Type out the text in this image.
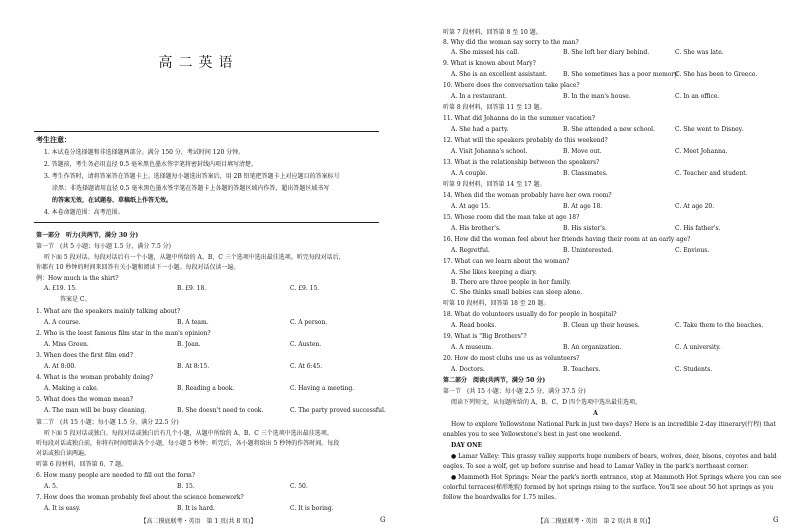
高二英语
考生注意：
1. 本试卷分选择题和非选择题两部分。满分 150 分，考试时间 120 分钟。
2. 答题前，考生务必用直径 0.5 毫米黑色墨水签字笔将密封线内项目填写清楚。
3. 考生作答时，请将答案答在答题卡上。选择题每小题选出答案后，用 2B 铅笔把答题卡上对应题目的答案标号
涂黑；非选择题请用直径 0.5 毫米黑色墨水签字笔在答题卡上各题的答题区域内作答，超出答题区域书写
的答案无效，在试题卷、草稿纸上作答无效。
4. 本卷命题范围：高考范围。
第一部分　听力(共两节，满分 30 分)
第一节　(共 5 小题；每小题 1.5 分，满分 7.5 分)
听下面 5 段对话。每段对话后有一个小题，从题中所给的 A、B、C 三个选项中选出最佳选项。听完每段对话后，
你都有 10 秒钟的时间来回答有关小题和阅读下一小题。每段对话仅读一遍。
例：How much is the shirt?
A. £19. 15.	B. £9. 18.	C. £9. 15.
答案是 C。
1. What are the speakers mainly talking about?
A. A course.	B. A team.	C. A person.
2. Who is the least famous film star in the man's opinion?
A. Miss Green.	B. Joan.	C. Austen.
3. When does the first film end?
A. At 8:00.	B. At 8:15.	C. At 6:45.
4. What is the woman probably doing?
A. Making a cake.	B. Reading a book.	C. Having a meeting.
5. What does the woman mean?
A. The man will be busy cleaning.	B. She doesn't need to cook.	C. The party proved successful.
第二节　(共 15 小题；每小题 1.5 分，满分 22.5 分)
听下面 5 段对话或独白。每段对话或独白后有几个小题，从题中所给的 A、B、C 三个选项中选出最佳选项。
听每段对话或独白前，你将有时间阅读各个小题，每小题 5 秒钟；听完后，各小题将给出 5 秒钟的作答时间。每段
对话或独白读两遍。
听第 6 段材料，回答第 6、7 题。
6. How many people are needed to fill out the form?
A. 5.	B. 15.	C. 50.
7. How does the woman probably feel about the science homework?
A. It is easy.	B. It is hard.	C. It is boring.
【高二摸底联考・英语　第 1 页(共 8 页)】	G
听第 7 段材料，回答第 8 至 10 题。
8. Why did the woman say sorry to the man?
A. She missed his call.	B. She left her diary behind.	C. She was late.
9. What is known about Mary?
A. She is an excellent assistant.	B. She sometimes has a poor memory.
C. She has been to Greece.
10. Where does the conversation take place?
A. In a restaurant.	B. In the man's house.	C. In an office.
听第 8 段材料，回答第 11 至 13 题。
11. What did Johanna do in the summer vacation?
A. She had a party.	B. She attended a new school.	C. She went to Disney.
12. What will the speakers probably do this weekend?
A. Visit Johanna's school.	B. Move out.	C. Meet Johanna.
13. What is the relationship between the speakers?
A. A couple.	B. Classmates.	C. Teacher and student.
听第 9 段材料，回答第 14 至 17 题。
14. When did the woman probably have her own room?
A. At age 15.	B. At age 18.	C. At age 20.
15. Whose room did the man take at age 18?
A. His brother's.	B. His sister's.	C. His father's.
16. How did the woman feel about her friends having their room at an early age?
A. Regretful.	B. Uninterested.	C. Envious.
17. What can we learn about the woman?
A. She likes keeping a diary.
B. There are three people in her family.
C. She thinks small babies can sleep alone.
听第 10 段材料，回答第 18 至 20 题。
18. What do volunteers usually do for people in hospital?
A. Read books.	B. Clean up their houses.	C. Take them to the beaches.
19. What is "Big Brothers"?
A. A museum.	B. An organization.	C. A university.
20. How do most clubs use us as volunteers?
A. Doctors.	B. Teachers.	C. Students.
第二部分　阅读(共两节，满分 50 分)
第一节　(共 15 小题；每小题 2.5 分，满分 37.5 分)
阅读下列短文，从每题所给的 A、B、C、D 四个选项中选出最佳选项。
A
How to explore Yellowstone National Park in just two days? Here is an incredible 2-day itinerary(行程) that
enables you to see Yellowstone's best in just one weekend.
DAY ONE
● Lamar Valley: This grassy valley supports huge numbers of bears, wolves, deer, bisons, coyotes and bald
eagles. To see a wolf, get up before sunrise and head to Lamar Valley in the park's northeast corner.
● Mammoth Hot Springs: Near the park's north entrance, stop at Mammoth Hot Springs where you can see
colorful terraces(梯形地貌) formed by hot springs rising to the surface. You'll see about 50 hot springs as you
follow the boardwalks for 1.75 miles.
【高二摸底联考・英语　第 2 页(共 8 页)】	G
